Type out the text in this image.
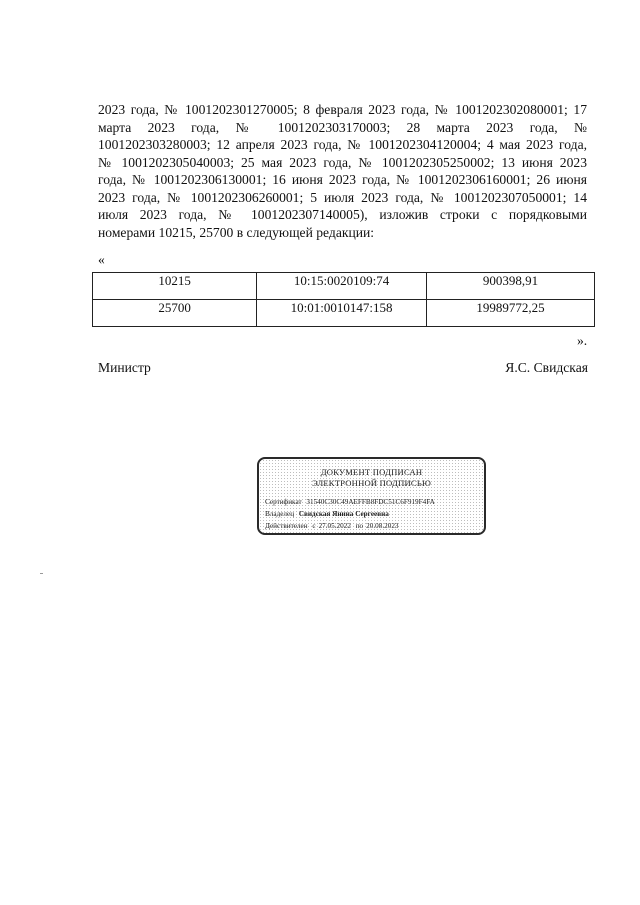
2023 года, № 1001202301270005; 8 февраля 2023 года, № 1001202302080001; 17
марта 2023 года, № 1001202303170003; 28 марта 2023 года, №
1001202303280003; 12 апреля 2023 года, № 1001202304120004; 4 мая 2023 года,
№ 1001202305040003; 25 мая 2023 года, № 1001202305250002; 13 июня 2023
года, № 1001202306130001; 16 июня 2023 года, № 1001202306160001; 26 июня
2023 года, № 1001202306260001; 5 июля 2023 года, № 1001202307050001; 14
июля 2023 года, № 1001202307140005), изложив строки с порядковыми
номерами 10215, 25700 в следующей редакции:

«
10215	10:15:0020109:74	900398,91
25700	10:01:0010147:158	19989772,25
».
Министр	Я.С. Свидская
ДОКУМЕНТ ПОДПИСАН
ЭЛЕКТРОННОЙ ПОДПИСЬЮ
Сертификат 31540C30C49AEFFB8FDC51C6F919F4FA
Владелец Свидская Янина Сергеевна
Действителен с 27.05.2022 по 20.08.2023
